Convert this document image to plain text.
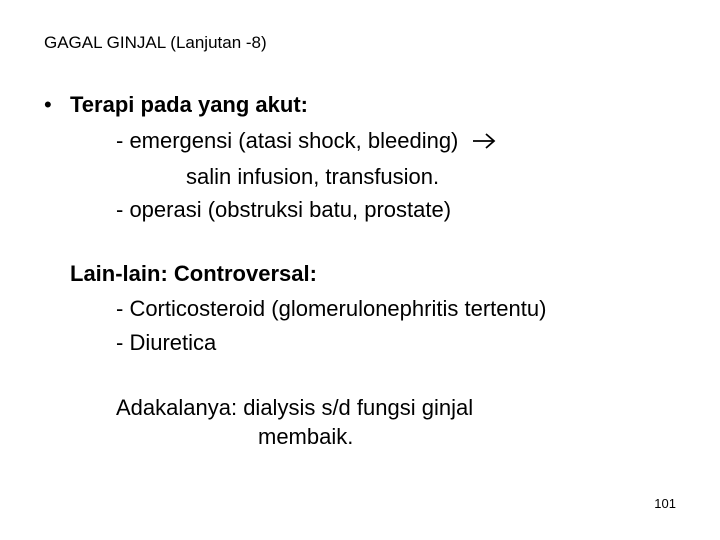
GAGAL GINJAL (Lanjutan -8)
• Terapi pada yang akut:
- emergensi (atasi shock, bleeding)
salin infusion, transfusion.
- operasi (obstruksi batu, prostate)
Lain-lain: Controversal:
- Corticosteroid (glomerulonephritis tertentu)
- Diuretica
Adakalanya: dialysis s/d fungsi ginjal
membaik.
101
